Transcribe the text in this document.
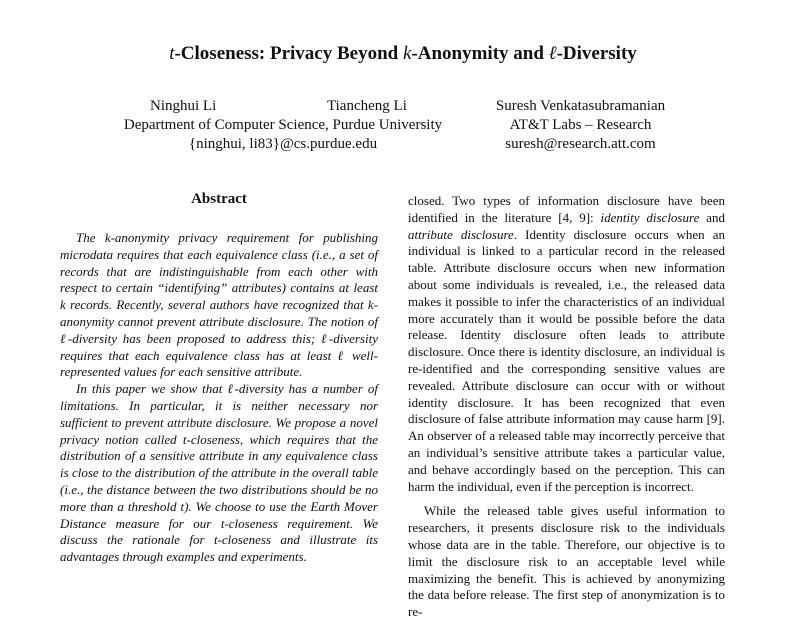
t-Closeness: Privacy Beyond k-Anonymity and ℓ-Diversity
Ninghui Li	Tiancheng Li
Department of Computer Science, Purdue University
{ninghui, li83}@cs.purdue.edu
Suresh Venkatasubramanian
AT&T Labs – Research
suresh@research.att.com
Abstract

The k-anonymity privacy requirement for publishing microdata requires that each equivalence class (i.e., a set of records that are indistinguishable from each other with respect to certain “identifying” attributes) contains at least k records. Recently, several authors have recognized that k-anonymity cannot prevent attribute disclosure. The notion of ℓ-diversity has been proposed to address this; ℓ-diversity requires that each equivalence class has at least ℓ well-represented values for each sensitive attribute.

In this paper we show that ℓ-diversity has a number of limitations. In particular, it is neither necessary nor sufficient to prevent attribute disclosure. We propose a novel privacy notion called t-closeness, which requires that the distribution of a sensitive attribute in any equivalence class is close to the distribution of the attribute in the overall table (i.e., the distance between the two distributions should be no more than a threshold t). We choose to use the Earth Mover Distance measure for our t-closeness requirement. We discuss the rationale for t-closeness and illustrate its advantages through examples and experiments.

closed. Two types of information disclosure have been identified in the literature [4, 9]: identity disclosure and attribute disclosure. Identity disclosure occurs when an individual is linked to a particular record in the released table. Attribute disclosure occurs when new information about some individuals is revealed, i.e., the released data makes it possible to infer the characteristics of an individual more accurately than it would be possible before the data release. Identity disclosure often leads to attribute disclosure. Once there is identity disclosure, an individual is re-identified and the corresponding sensitive values are revealed. Attribute disclosure can occur with or without identity disclosure. It has been recognized that even disclosure of false attribute information may cause harm [9]. An observer of a released table may incorrectly perceive that an individual’s sensitive attribute takes a particular value, and behave accordingly based on the perception. This can harm the individual, even if the perception is incorrect.

While the released table gives useful information to researchers, it presents disclosure risk to the individuals whose data are in the table. Therefore, our objective is to limit the disclosure risk to an acceptable level while maximizing the benefit. This is achieved by anonymizing the data before release. The first step of anonymization is to re-
